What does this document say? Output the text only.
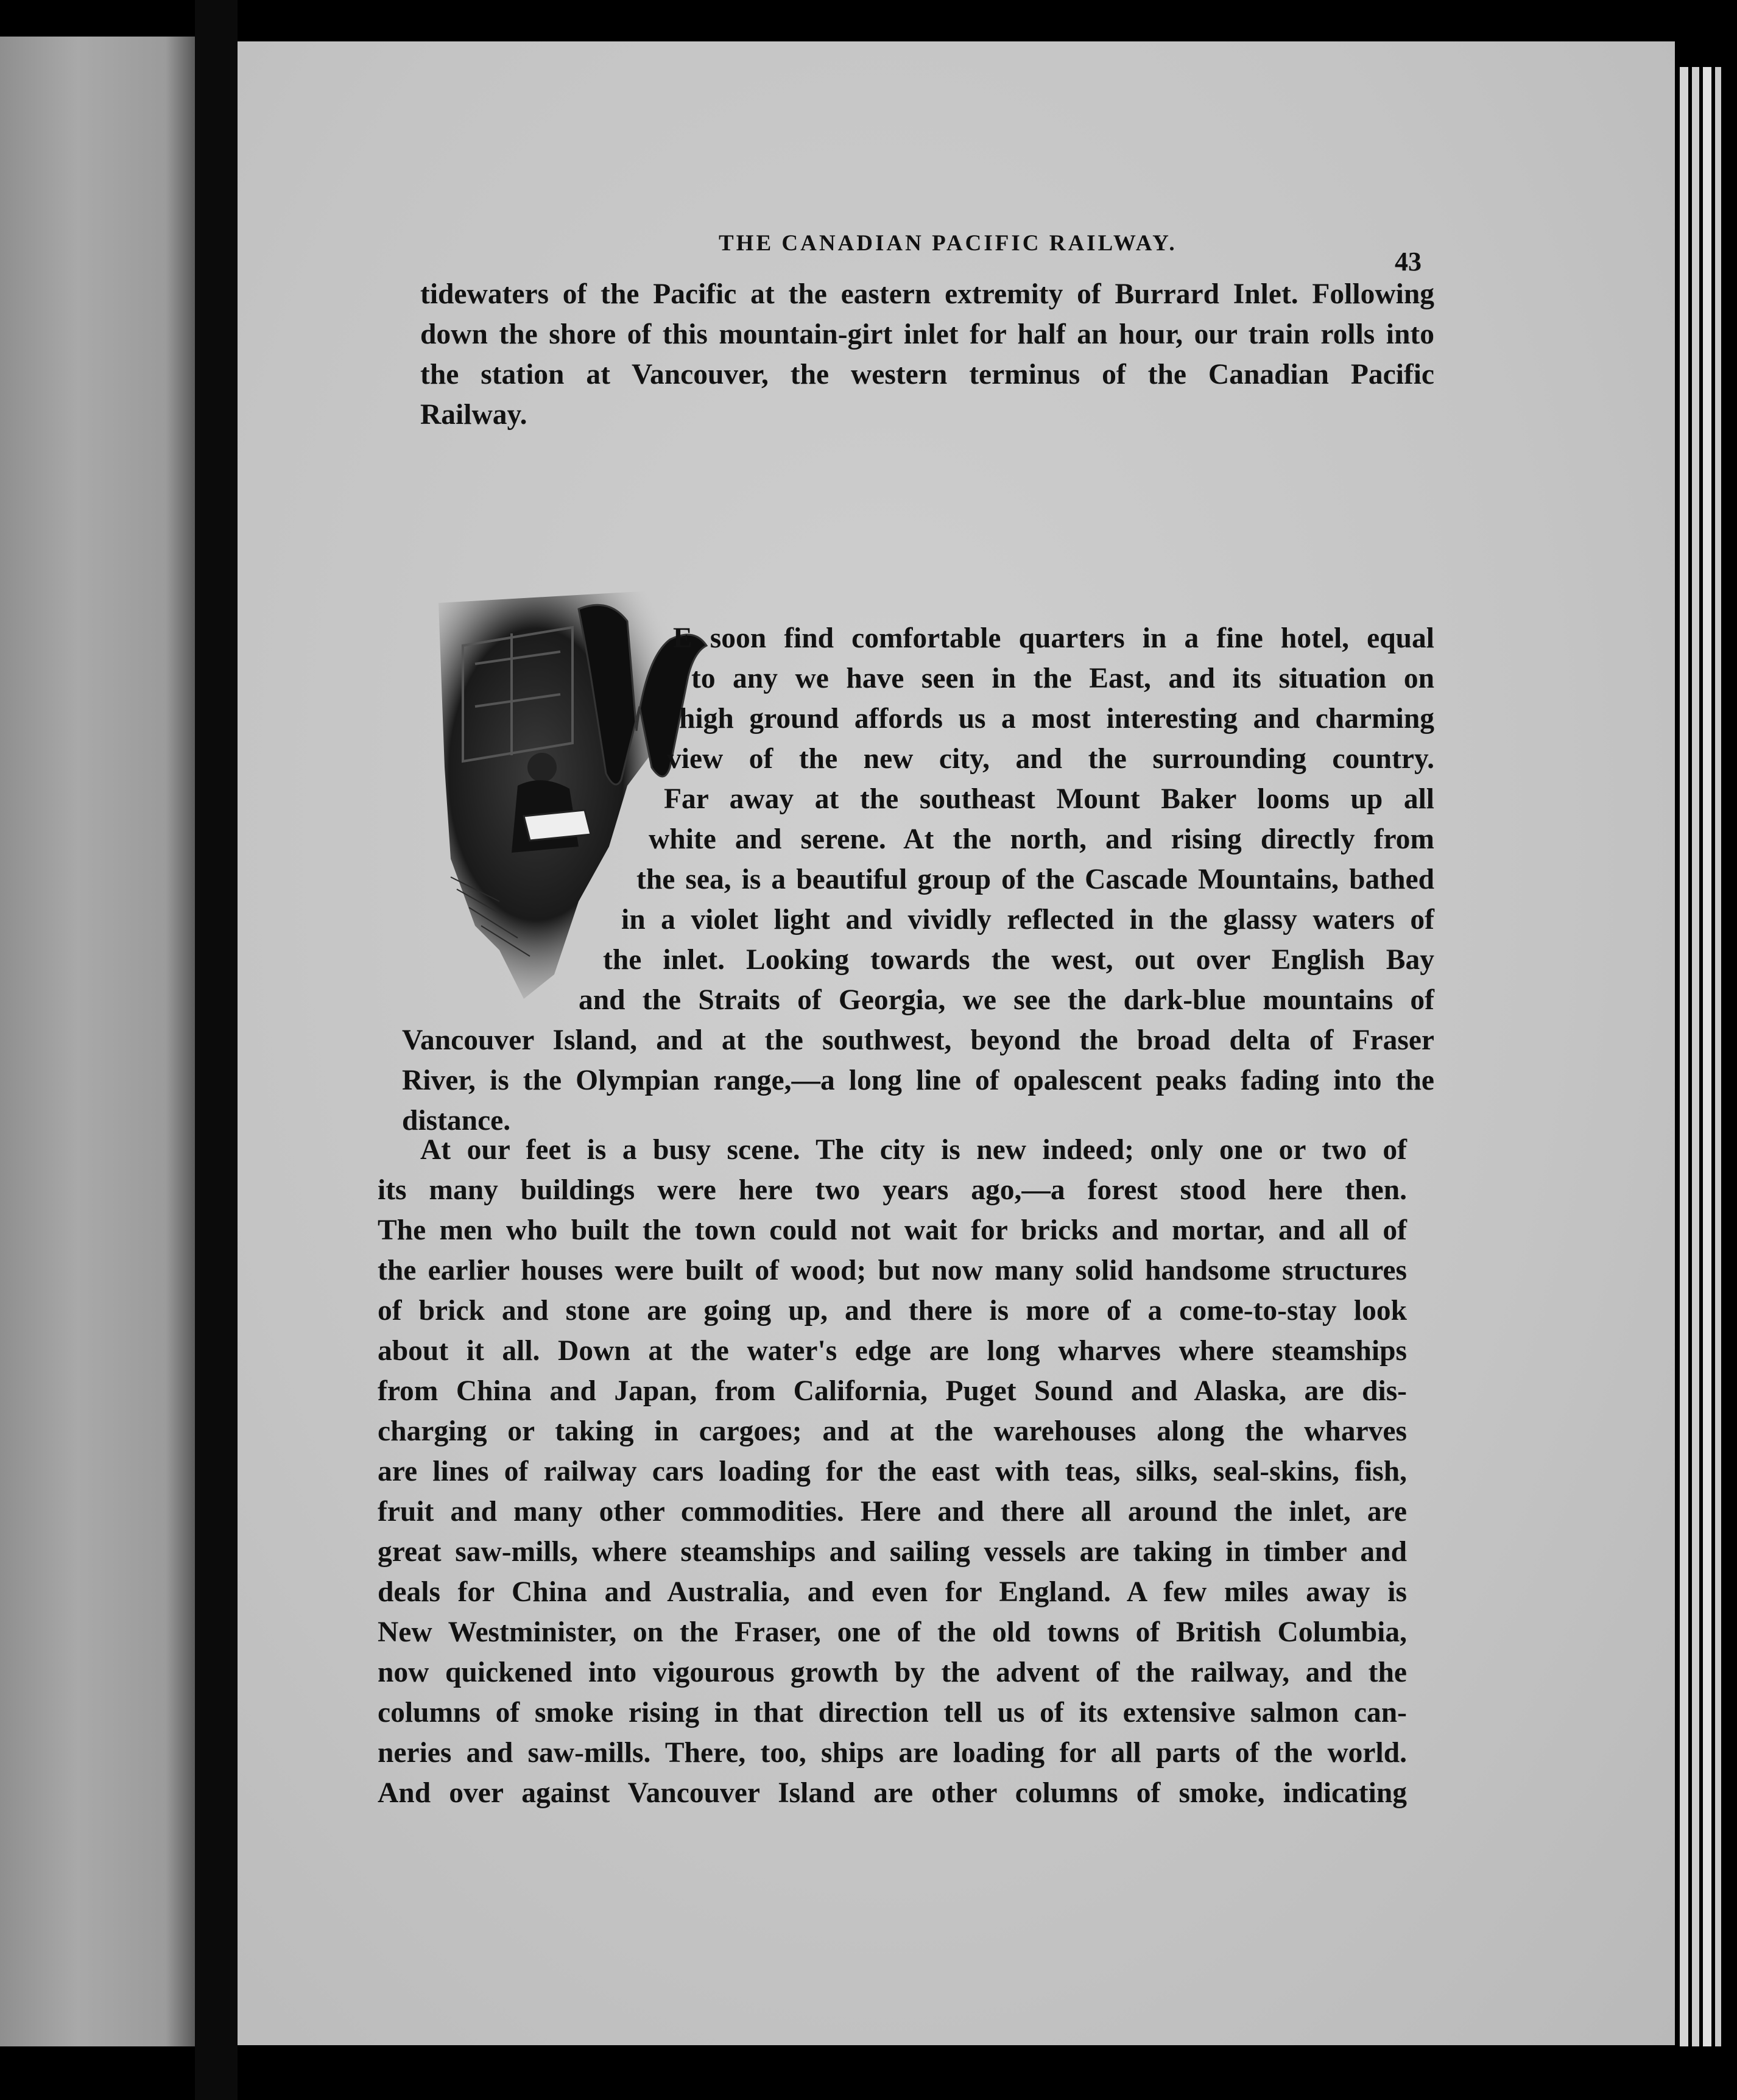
THE CANADIAN PACIFIC RAILWAY.
43
tidewaters of the Pacific at the eastern extremity of Burrard Inlet. Following
down the shore of this mountain-girt inlet for half an hour, our train rolls into
the station at Vancouver, the western terminus of the Canadian Pacific
Railway.
E soon find comfortable quarters in a fine hotel, equal
to any we have seen in the East, and its situation on
high ground affords us a most interesting and charming
view of the new city, and the surrounding country.
Far away at the southeast Mount Baker looms up all
white and serene. At the north, and rising directly from
the sea, is a beautiful group of the Cascade Mountains, bathed
in a violet light and vividly reflected in the glassy waters of
the inlet. Looking towards the west, out over English Bay
and the Straits of Georgia, we see the dark-blue mountains of
Vancouver Island, and at the southwest, beyond the broad delta of Fraser
River, is the Olympian range,—a long line of opalescent peaks fading into the
distance.
At our feet is a busy scene. The city is new indeed; only one or two of
its many buildings were here two years ago,—a forest stood here then.
The men who built the town could not wait for bricks and mortar, and all of
the earlier houses were built of wood; but now many solid handsome structures
of brick and stone are going up, and there is more of a come-to-stay look
about it all. Down at the water's edge are long wharves where steamships
from China and Japan, from California, Puget Sound and Alaska, are dis-
charging or taking in cargoes; and at the warehouses along the wharves
are lines of railway cars loading for the east with teas, silks, seal-skins, fish,
fruit and many other commodities. Here and there all around the inlet, are
great saw-mills, where steamships and sailing vessels are taking in timber and
deals for China and Australia, and even for England. A few miles away is
New Westminister, on the Fraser, one of the old towns of British Columbia,
now quickened into vigourous growth by the advent of the railway, and the
columns of smoke rising in that direction tell us of its extensive salmon can-
neries and saw-mills. There, too, ships are loading for all parts of the world.
And over against Vancouver Island are other columns of smoke, indicating
